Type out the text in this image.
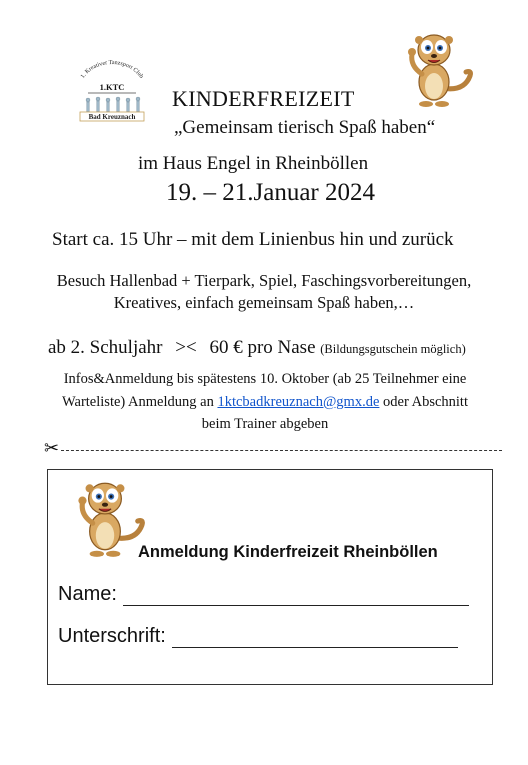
1. Kreativer Tanzsport Club
1.KTC
Bad Kreuznach
KINDERFREIZEIT
„Gemeinsam tierisch Spaß haben“
im Haus Engel in Rheinböllen
19. – 21.Januar 2024
Start ca. 15 Uhr – mit dem Linienbus hin und zurück
Besuch Hallenbad + Tierpark, Spiel, Faschingsvorbereitungen,
Kreatives, einfach gemeinsam Spaß haben,…
ab 2. Schuljahr >< 60 € pro Nase (Bildungsgutschein möglich)
Infos&Anmeldung bis spätestens 10. Oktober (ab 25 Teilnehmer eine
Warteliste) Anmeldung an 1ktcbadkreuznach@gmx.de oder Abschnitt
beim Trainer abgeben
✂
Anmeldung Kinderfreizeit Rheinböllen
Name:
Unterschrift:
